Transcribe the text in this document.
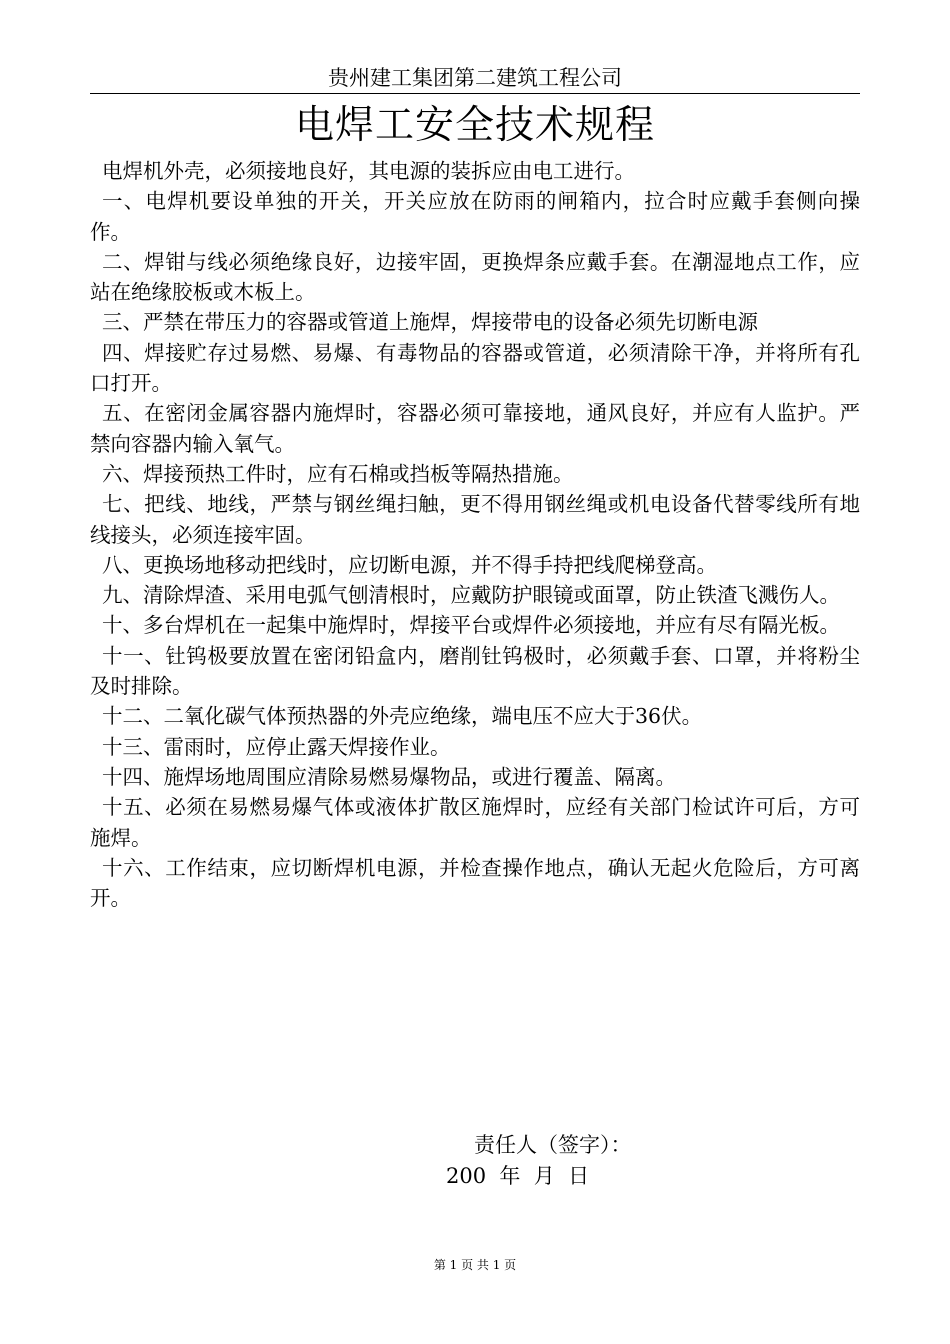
贵州建工集团第二建筑工程公司
电焊工安全技术规程

电焊机外壳，必须接地良好，其电源的装拆应由电工进行。

一、电焊机要设单独的开关，开关应放在防雨的闸箱内，拉合时应戴手套侧向操作。

二、焊钳与线必须绝缘良好，边接牢固，更换焊条应戴手套。在潮湿地点工作，应站在绝缘胶板或木板上。

三、严禁在带压力的容器或管道上施焊，焊接带电的设备必须先切断电源

四、焊接贮存过易燃、易爆、有毒物品的容器或管道，必须清除干净，并将所有孔口打开。

五、在密闭金属容器内施焊时，容器必须可靠接地，通风良好，并应有人监护。严禁向容器内输入氧气。

六、焊接预热工件时，应有石棉或挡板等隔热措施。

七、把线、地线，严禁与钢丝绳扫触，更不得用钢丝绳或机电设备代替零线所有地线接头，必须连接牢固。

八、更换场地移动把线时，应切断电源，并不得手持把线爬梯登高。

九、清除焊渣、采用电弧气刨清根时，应戴防护眼镜或面罩，防止铁渣飞溅伤人。

十、多台焊机在一起集中施焊时，焊接平台或焊件必须接地，并应有尽有隔光板。

十一、钍钨极要放置在密闭铅盒内，磨削钍钨极时，必须戴手套、口罩，并将粉尘及时排除。

十二、二氧化碳气体预热器的外壳应绝缘，端电压不应大于36伏。

十三、雷雨时，应停止露天焊接作业。

十四、施焊场地周围应清除易燃易爆物品，或进行覆盖、隔离。

十五、必须在易燃易爆气体或液体扩散区施焊时，应经有关部门检试许可后，方可施焊。

十六、工作结束，应切断焊机电源，并检查操作地点，确认无起火危险后，方可离开。

责任人（签字）：
200  年  月  日
第 1 页 共 1 页
